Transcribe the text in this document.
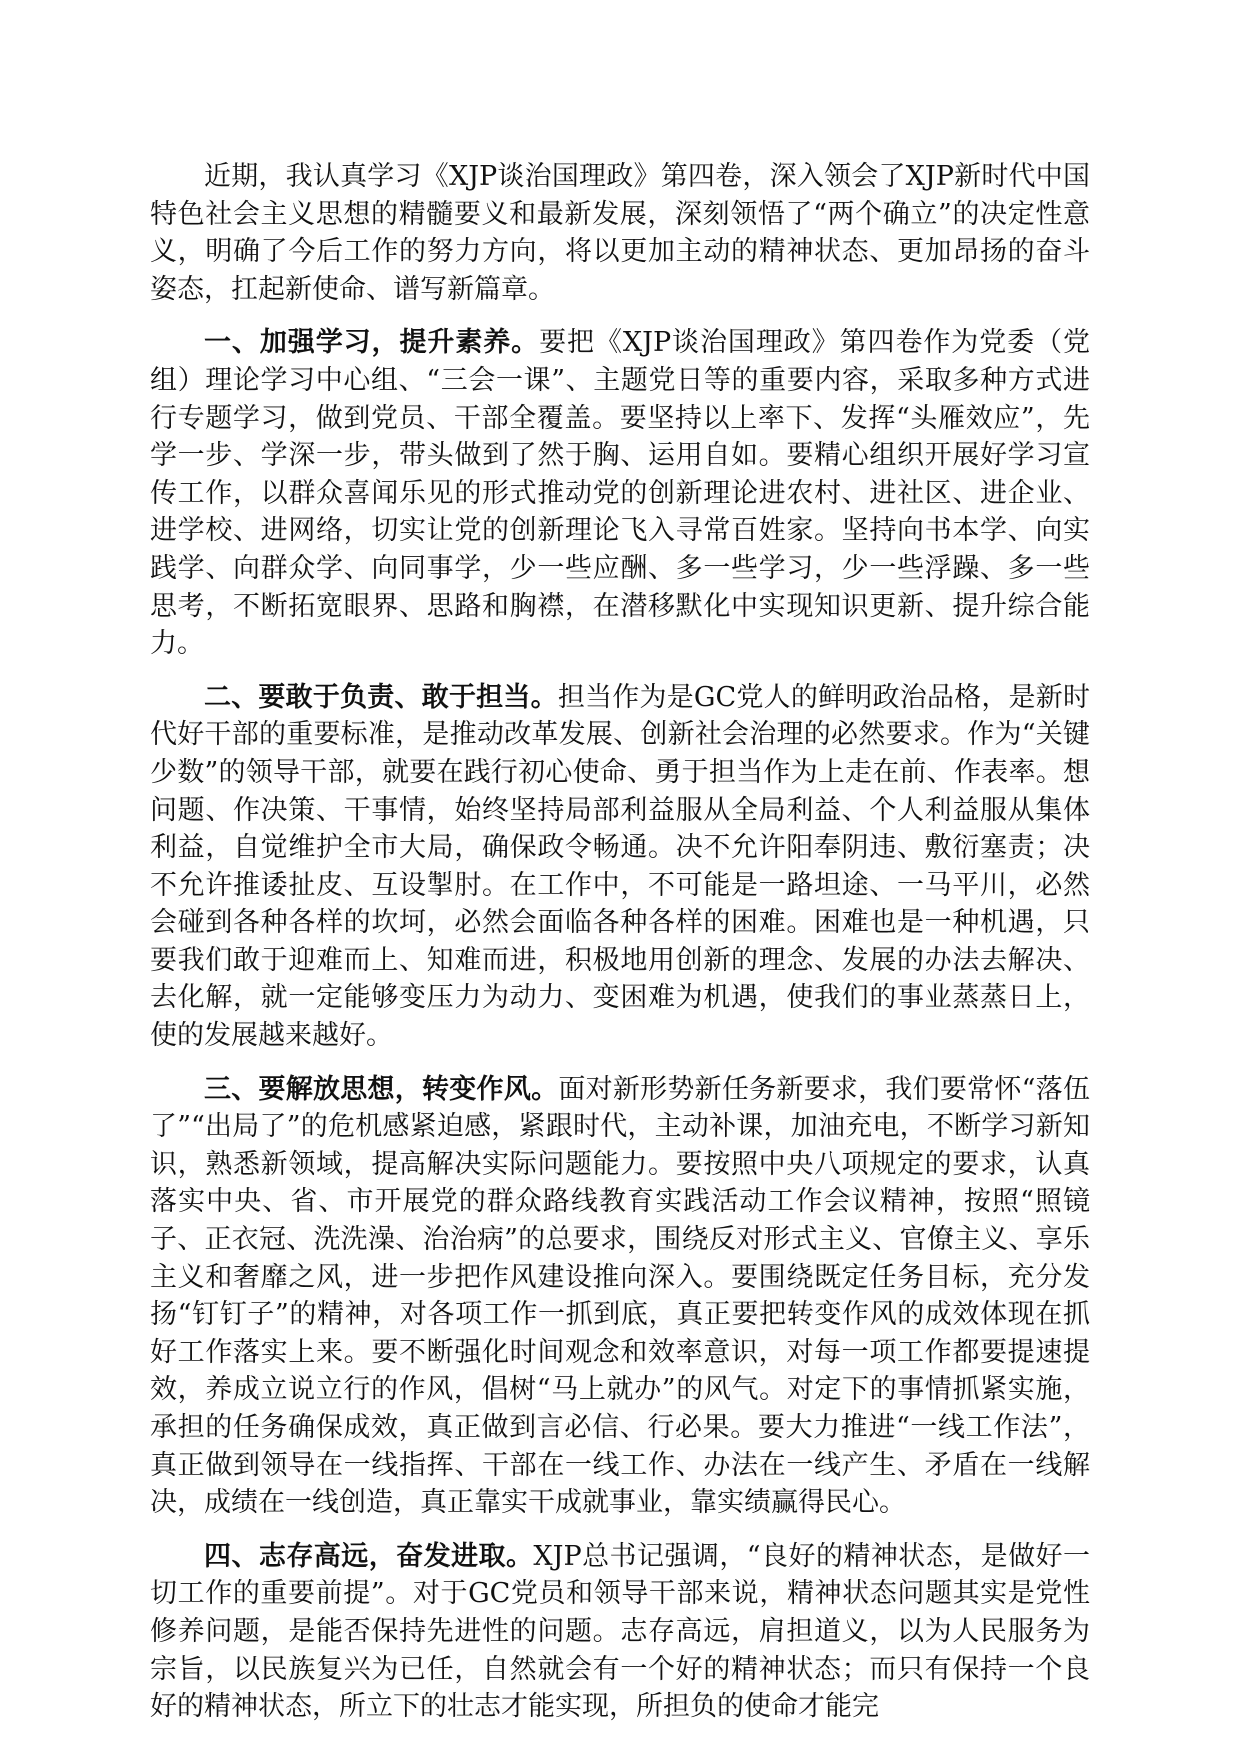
近期，我认真学习《XJP谈治国理政》第四卷，深入领会了XJP新时代中国特色社会主义思想的精髓要义和最新发展，深刻领悟了“两个确立”的决定性意义，明确了今后工作的努力方向，将以更加主动的精神状态、更加昂扬的奋斗姿态，扛起新使命、谱写新篇章。

一、加强学习，提升素养。要把《XJP谈治国理政》第四卷作为党委（党组）理论学习中心组、“三会一课”、主题党日等的重要内容，采取多种方式进行专题学习，做到党员、干部全覆盖。要坚持以上率下、发挥“头雁效应”，先学一步、学深一步，带头做到了然于胸、运用自如。要精心组织开展好学习宣传工作，以群众喜闻乐见的形式推动党的创新理论进农村、进社区、进企业、进学校、进网络，切实让党的创新理论飞入寻常百姓家。坚持向书本学、向实践学、向群众学、向同事学，少一些应酬、多一些学习，少一些浮躁、多一些思考，不断拓宽眼界、思路和胸襟，在潜移默化中实现知识更新、提升综合能力。

二、要敢于负责、敢于担当。担当作为是GC党人的鲜明政治品格，是新时代好干部的重要标准，是推动改革发展、创新社会治理的必然要求。作为“关键少数”的领导干部，就要在践行初心使命、勇于担当作为上走在前、作表率。想问题、作决策、干事情，始终坚持局部利益服从全局利益、个人利益服从集体利益，自觉维护全市大局，确保政令畅通。决不允许阳奉阴违、敷衍塞责；决不允许推诿扯皮、互设掣肘。在工作中，不可能是一路坦途、一马平川，必然会碰到各种各样的坎坷，必然会面临各种各样的困难。困难也是一种机遇，只要我们敢于迎难而上、知难而进，积极地用创新的理念、发展的办法去解决、去化解，就一定能够变压力为动力、变困难为机遇，使我们的事业蒸蒸日上，使的发展越来越好。

三、要解放思想，转变作风。面对新形势新任务新要求，我们要常怀“落伍了”“出局了”的危机感紧迫感，紧跟时代，主动补课，加油充电，不断学习新知识，熟悉新领域，提高解决实际问题能力。要按照中央八项规定的要求，认真落实中央、省、市开展党的群众路线教育实践活动工作会议精神，按照“照镜子、正衣冠、洗洗澡、治治病”的总要求，围绕反对形式主义、官僚主义、享乐主义和奢靡之风，进一步把作风建设推向深入。要围绕既定任务目标，充分发扬“钉钉子”的精神，对各项工作一抓到底，真正要把转变作风的成效体现在抓好工作落实上来。要不断强化时间观念和效率意识，对每一项工作都要提速提效，养成立说立行的作风，倡树“马上就办”的风气。对定下的事情抓紧实施，承担的任务确保成效，真正做到言必信、行必果。要大力推进“一线工作法”，真正做到领导在一线指挥、干部在一线工作、办法在一线产生、矛盾在一线解决，成绩在一线创造，真正靠实干成就事业，靠实绩赢得民心。

四、志存高远，奋发进取。XJP总书记强调，“良好的精神状态，是做好一切工作的重要前提”。对于GC党员和领导干部来说，精神状态问题其实是党性修养问题，是能否保持先进性的问题。志存高远，肩担道义，以为人民服务为宗旨，以民族复兴为已任，自然就会有一个好的精神状态；而只有保持一个良好的精神状态，所立下的壮志才能实现，所担负的使命才能完
